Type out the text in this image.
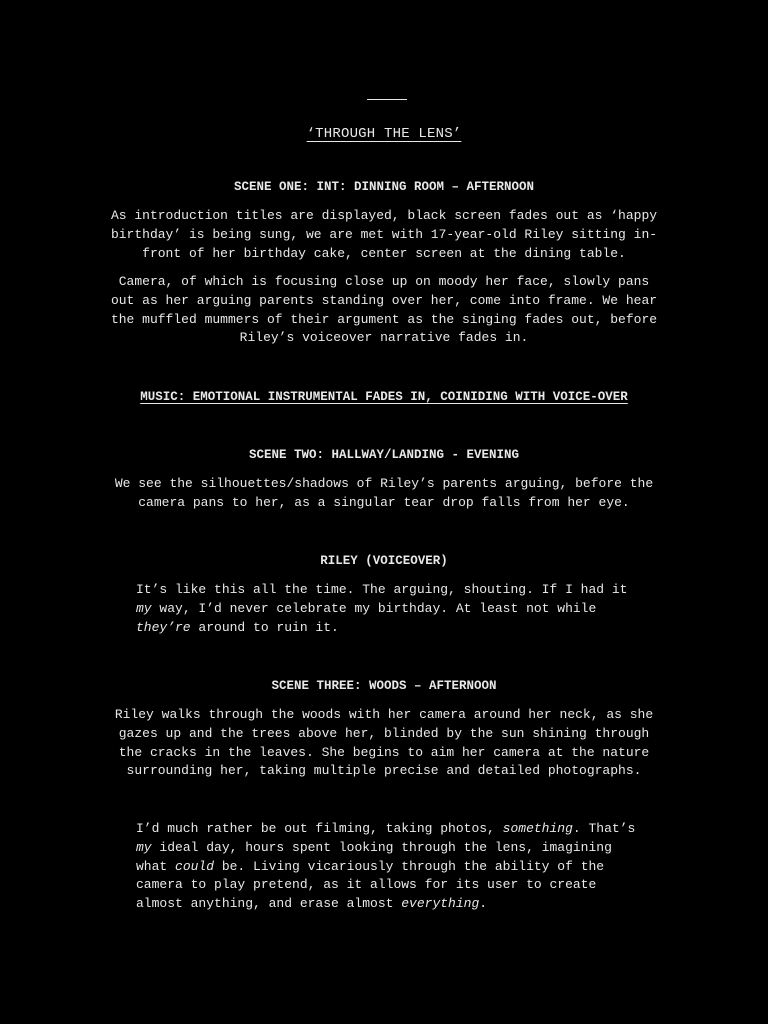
‘THROUGH THE LENS’
SCENE ONE: INT: DINNING ROOM – AFTERNOON
As introduction titles are displayed, black screen fades out as ‘happy
birthday’ is being sung, we are met with 17-year-old Riley sitting in-
front of her birthday cake, center screen at the dining table.
Camera, of which is focusing close up on moody her face, slowly pans
out as her arguing parents standing over her, come into frame. We hear
the muffled mummers of their argument as the singing fades out, before
Riley’s voiceover narrative fades in.
MUSIC: EMOTIONAL INSTRUMENTAL FADES IN, COINIDING WITH VOICE-OVER
SCENE TWO: HALLWAY/LANDING - EVENING
We see the silhouettes/shadows of Riley’s parents arguing, before the
camera pans to her, as a singular tear drop falls from her eye.
RILEY (VOICEOVER)

It’s like this all the time. The arguing, shouting. If I had it

my way, I’d never celebrate my birthday. At least not while

they’re around to ruin it.

SCENE THREE: WOODS – AFTERNOON
Riley walks through the woods with her camera around her neck, as she
gazes up and the trees above her, blinded by the sun shining through
the cracks in the leaves. She begins to aim her camera at the nature
surrounding her, taking multiple precise and detailed photographs.

I’d much rather be out filming, taking photos, something. That’s

my ideal day, hours spent looking through the lens, imagining

what could be. Living vicariously through the ability of the

camera to play pretend, as it allows for its user to create

almost anything, and erase almost everything.
